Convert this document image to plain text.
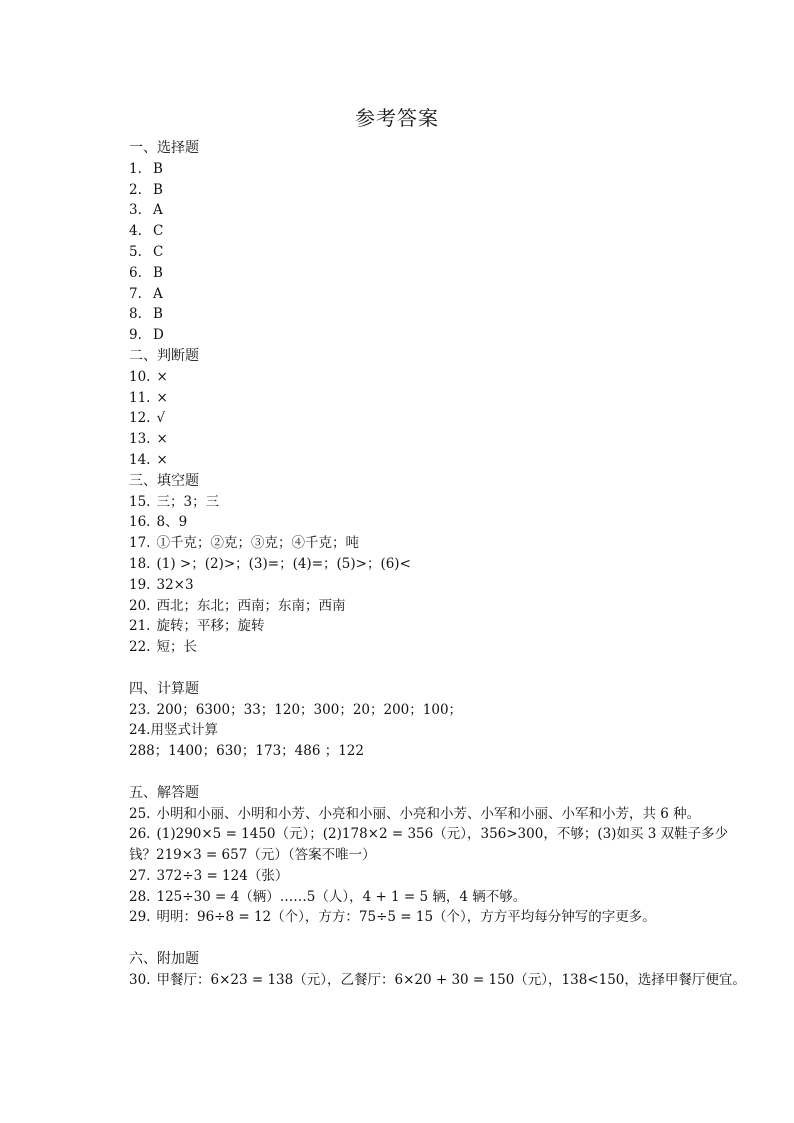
参考答案
一、选择题
1. B
2. B
3. A
4. C
5. C
6. B
7. A
8. B
9. D
二、判断题
10. ×
11. ×
12. √
13. ×
14. ×
三、填空题
15. 三；3；三
16. 8、9
17. ①千克；②克；③克；④千克；吨
18. (1) >；(2)>；(3)=；(4)=；(5)>；(6)<
19. 32×3
20. 西北；东北；西南；东南；西南
21. 旋转；平移；旋转
22. 短；长
四、计算题
23. 200；6300；33；120；300；20；200；100；
24.用竖式计算
288；1400；630；173；486 ；122
五、解答题
25. 小明和小丽、小明和小芳、小亮和小丽、小亮和小芳、小军和小丽、小军和小芳，共 6 种。
26. (1)290×5 = 1450（元）；(2)178×2 = 356（元），356>300，不够；(3)如买 3 双鞋子多少钱？219×3 = 657（元）（答案不唯一）
27. 372÷3 = 124（张）
28. 125÷30 = 4（辆）……5（人），4 + 1 = 5 辆，4 辆不够。
29. 明明：96÷8 = 12（个），方方：75÷5 = 15（个），方方平均每分钟写的字更多。
六、附加题
30. 甲餐厅：6×23 = 138（元），乙餐厅：6×20 + 30 = 150（元），138<150，选择甲餐厅便宜。
